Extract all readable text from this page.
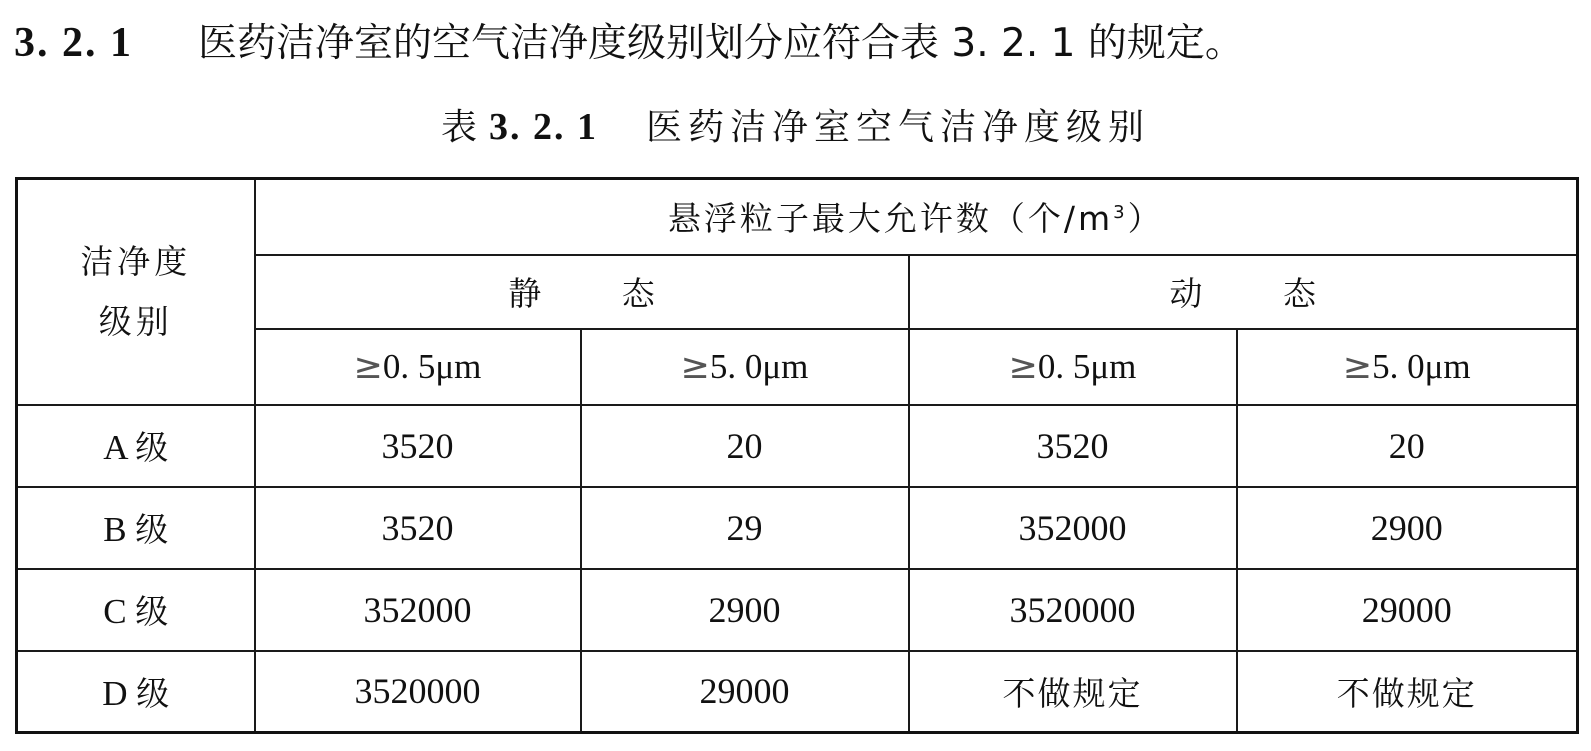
3. 2. 1 医药洁净室的空气洁净度级别划分应符合表 3. 2. 1 的规定。
表 3. 2. 1 医药洁净室空气洁净度级别
洁净度
级别	悬浮粒子最大允许数（个$/m^3$）			
	静 态		动 态	
	≥0. 5μm	≥5. 0μm	≥0. 5μm	≥5. 0μm
A 级	3520	20	3520	20
B 级	3520	29	352000	2900
C 级	352000	2900	3520000	29000
D 级	3520000	29000	不做规定	不做规定
